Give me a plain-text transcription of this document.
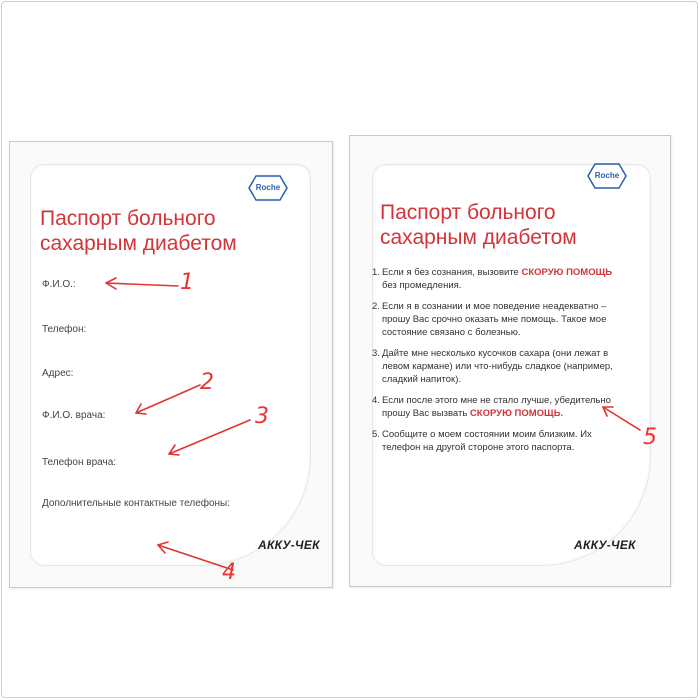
Roche
Паспорт больного
сахарным диабетом
Ф.И.О.:
Телефон:
Адрес:
Ф.И.О. врача:
Телефон врача:
Дополнительные контактные телефоны:
АККУ-ЧЕК
Roche
Паспорт больного
сахарным диабетом
1. Если я без сознания, вызовите СКОРУЮ ПОМОЩЬ без промедления.
2. Если я в сознании и мое поведение неадекватно – прошу Вас срочно оказать мне помощь. Такое мое состояние связано с болезнью.
3. Дайте мне несколько кусочков сахара (они лежат в левом кармане) или что-нибудь сладкое (например, сладкий напиток).
4. Если после этого мне не стало лучше, убедительно прошу Вас вызвать СКОРУЮ ПОМОЩЬ.
5. Сообщите о моем состоянии моим близким. Их телефон на другой стороне этого паспорта.
АККУ-ЧЕК
1
2
3
4
5
